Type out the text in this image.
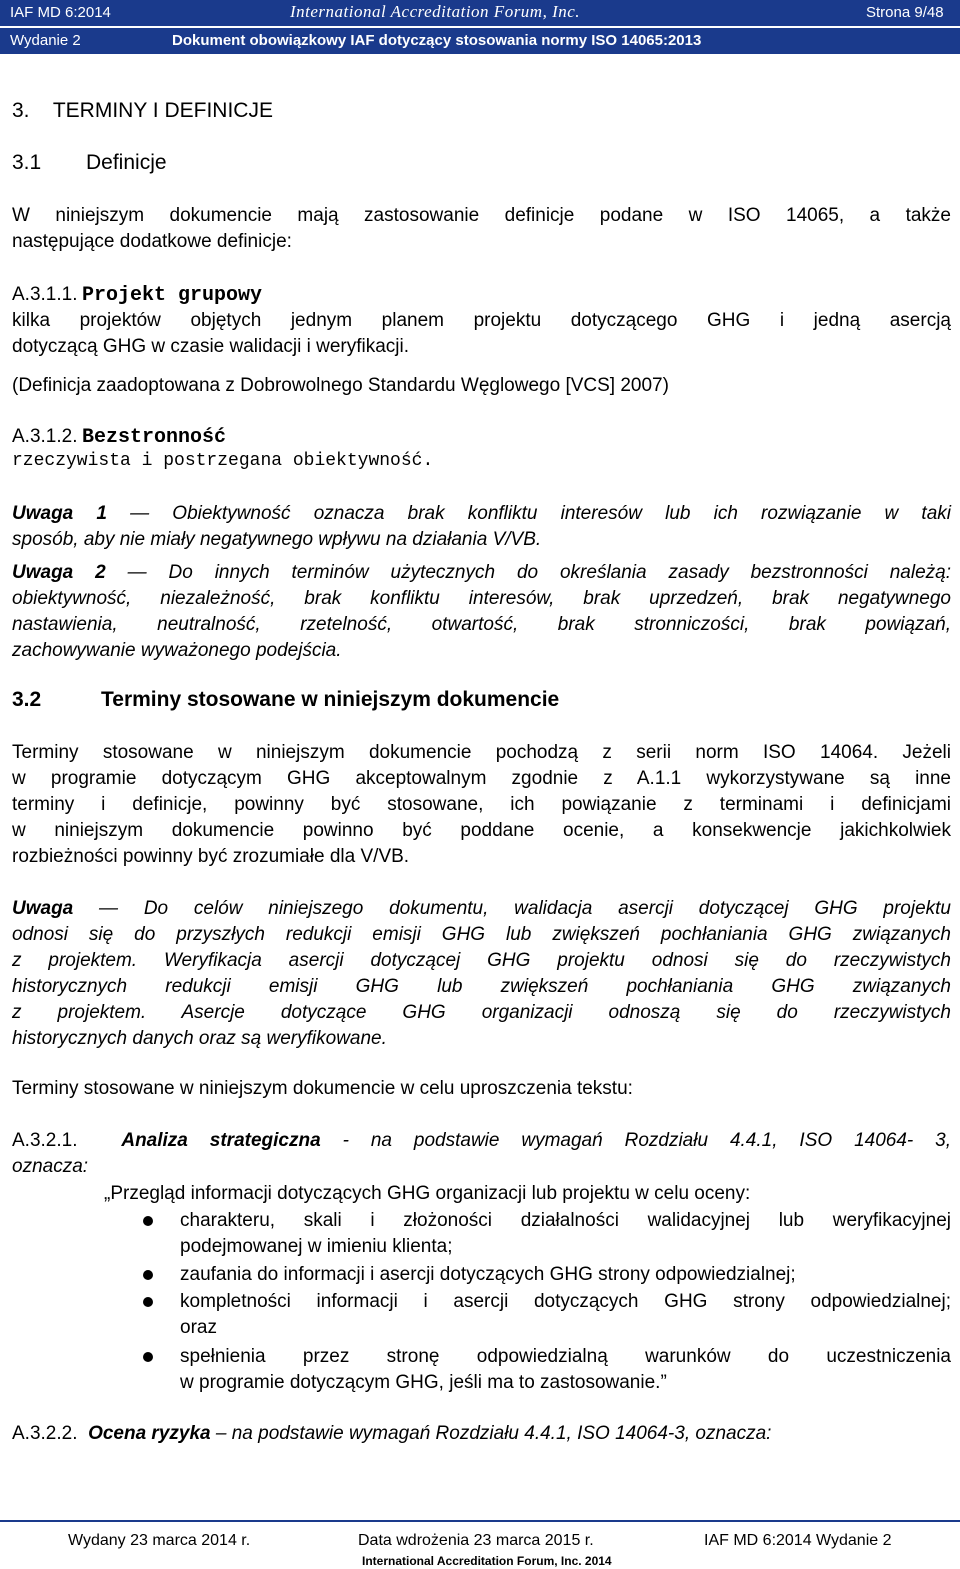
IAF MD 6:2014	International Accreditation Forum, Inc.	Strona 9/48
Wydanie 2	Dokument obowiązkowy IAF dotyczący stosowania normy ISO 14065:2013
3.    TERMINY I DEFINICJE
3.1 Definicje
W niniejszym dokumencie mają zastosowanie definicje podane w ISO 14065, a także
następujące dodatkowe definicje:
A.3.1.1. Projekt grupowy
kilka projektów objętych jednym planem projektu dotyczącego GHG i jedną asercją
dotyczącą GHG w czasie walidacji i weryfikacji.
(Definicja zaadoptowana z Dobrowolnego Standardu Węglowego [VCS] 2007)
A.3.1.2. Bezstronność
rzeczywista i postrzegana obiektywność.
Uwaga 1 — Obiektywność oznacza brak konfliktu interesów lub ich rozwiązanie w taki
sposób, aby nie miały negatywnego wpływu na działania V/VB.
Uwaga 2 — Do innych terminów użytecznych do określania zasady bezstronności należą:
obiektywność, niezależność, brak konfliktu interesów, brak uprzedzeń, brak negatywnego
nastawienia, neutralność, rzetelność, otwartość, brak stronniczości, brak powiązań,
zachowywanie wyważonego podejścia.
3.2	Terminy stosowane w niniejszym dokumencie
Terminy stosowane w niniejszym dokumencie pochodzą z serii norm ISO 14064. Jeżeli
w programie dotyczącym GHG akceptowalnym zgodnie z A.1.1 wykorzystywane są inne
terminy i definicje, powinny być stosowane, ich powiązanie z terminami i definicjami
w niniejszym dokumencie powinno być poddane ocenie, a konsekwencje jakichkolwiek
rozbieżności powinny być zrozumiałe dla V/VB.
Uwaga — Do celów niniejszego dokumentu, walidacja asercji dotyczącej GHG projektu
odnosi się do przyszłych redukcji emisji GHG lub zwiększeń pochłaniania GHG związanych
z projektem. Weryfikacja asercji dotyczącej GHG projektu odnosi się do rzeczywistych
historycznych redukcji emisji GHG lub zwiększeń pochłaniania GHG związanych
z projektem. Asercje dotyczące GHG organizacji odnoszą się do rzeczywistych
historycznych danych oraz są weryfikowane.
Terminy stosowane w niniejszym dokumencie w celu uproszczenia tekstu:
A.3.2.1. Analiza strategiczna - na podstawie wymagań Rozdziału 4.4.1, ISO 14064- 3,
oznacza:
„Przegląd informacji dotyczących GHG organizacji lub projektu w celu oceny:
charakteru, skali i złożoności działalności walidacyjnej lub weryfikacyjnej
podejmowanej w imieniu klienta;
zaufania do informacji i asercji dotyczących GHG strony odpowiedzialnej;
kompletności informacji i asercji dotyczących GHG strony odpowiedzialnej;
oraz
spełnienia przez stronę odpowiedzialną warunków do uczestniczenia
w programie dotyczącym GHG, jeśli ma to zastosowanie.”
A.3.2.2. Ocena ryzyka – na podstawie wymagań Rozdziału 4.4.1, ISO 14064-3, oznacza:
Wydany 23 marca 2014 r.	Data wdrożenia 23 marca 2015 r.	IAF MD 6:2014 Wydanie 2
International Accreditation Forum, Inc. 2014
